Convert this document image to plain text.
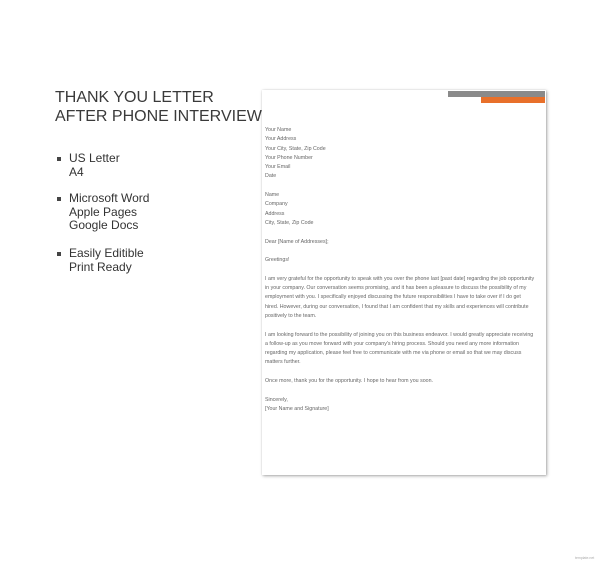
THANK YOU LETTER
AFTER PHONE INTERVIEW
US Letter
A4
Microsoft Word
Apple Pages
Google Docs
Easily Editible
Print Ready

Your Name
Your Address
Your City, State, Zip Code
Your Phone Number
Your Email
Date

Name
Company
Address
City, State, Zip Code

Dear [Name of Addresses];

Greetings!

I am very grateful for the opportunity to speak with you over the phone last [past date] regarding the job opportunity in your company. Our conversation seems promising, and it has been a pleasure to discuss the possibility of my employment with you. I specifically enjoyed discussing the future responsibilities I have to take over if I do get hired. However, during our conversation, I found that I am confident that my skills and experiences will contribute positively to the team.

I am looking forward to the possibility of joining you on this business endeavor. I would greatly appreciate receiving a follow-up as you move forward with your company's hiring process. Should you need any more information regarding my application, please feel free to communicate with me via phone or email so that we may discuss matters further.

Once more, thank you for the opportunity. I hope to hear from you soon.

Sincerely,
[Your Name and Signature]

template.net
